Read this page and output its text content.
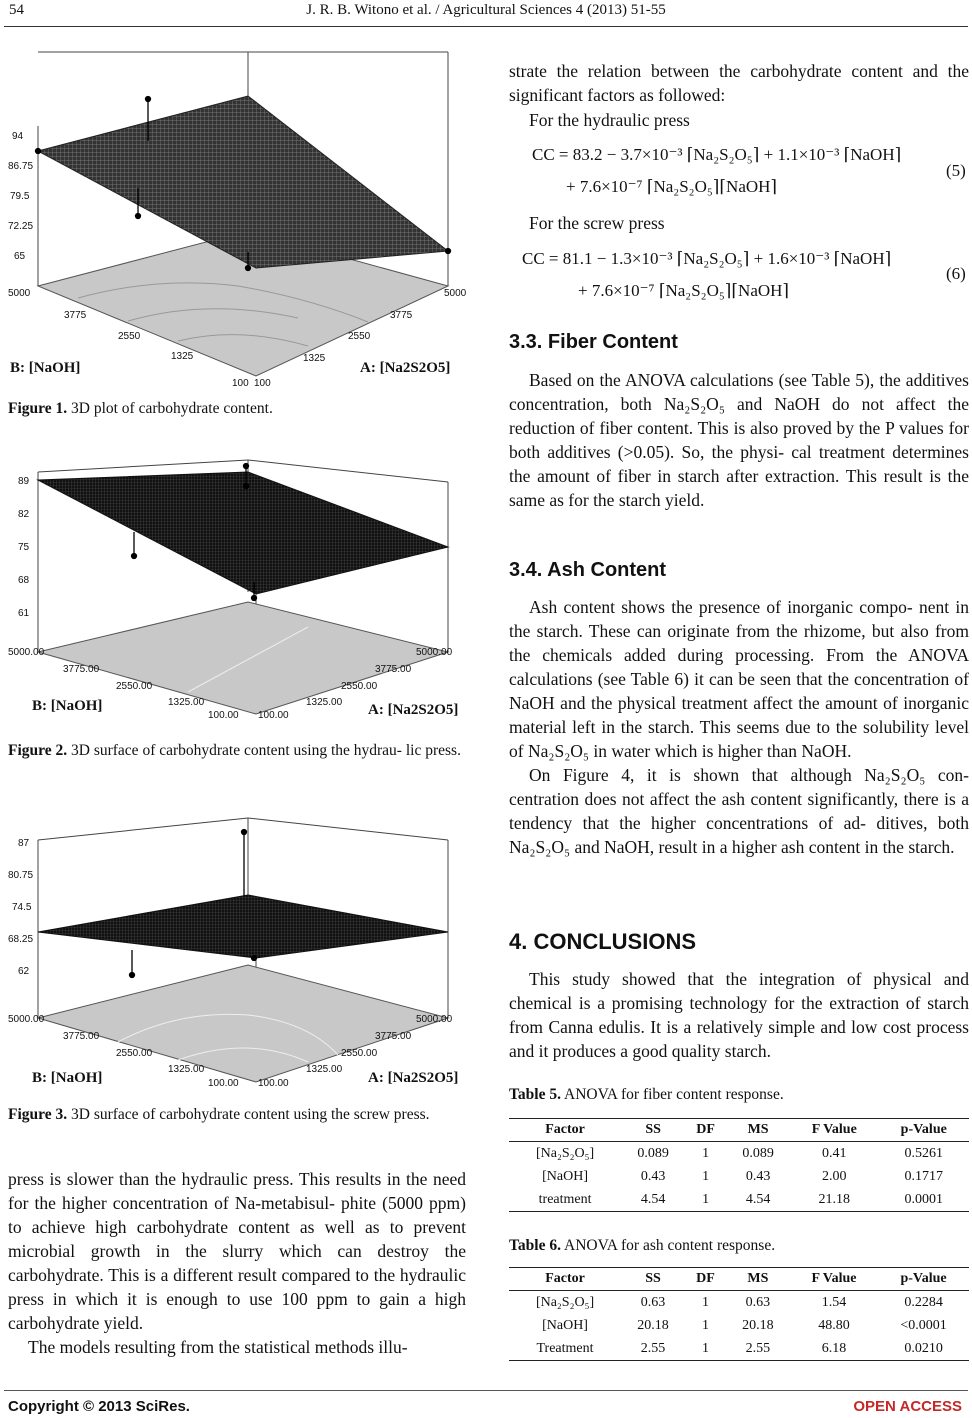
54	J. R. B. Witono et al. / Agricultural Sciences 4 (2013) 51-55
94
86.75
79.5
72.25
65
5000
3775
2550
1325
100 100
1325
2550
3775
5000
B: [NaOH]	A: [Na2S2O5]
Figure 1. 3D plot of carbohydrate content.
89
82
75
68
61
5000.00
3775.00
2550.00
1325.00
100.00 100.00
1325.00
2550.00
3775.00
5000.00
B: [NaOH]	A: [Na2S2O5]
Figure 2. 3D surface of carbohydrate content using the hydrau- lic press.
87
80.75
74.5
68.25
62
5000.00
3775.00
2550.00
1325.00
100.00 100.00
1325.00
2550.00
3775.00
5000.00
B: [NaOH]	A: [Na2S2O5]
Figure 3. 3D surface of carbohydrate content using the screw press.

press is slower than the hydraulic press. This results in the need for the higher concentration of Na-metabisul- phite (5000 ppm) to achieve high carbohydrate content as well as to prevent microbial growth in the slurry which can destroy the carbohydrate. This is a different result compared to the hydraulic press in which it is enough to use 100 ppm to gain a high carbohydrate yield.

The models resulting from the statistical methods illu-

strate the relation between the carbohydrate content and the significant factors as followed:

For the hydraulic press

CC = 83.2 − 3.7×10⁻³ ⌈Na₂S₂O₅⌉ + 1.1×10⁻³ ⌈NaOH⌉
+ 7.6×10⁻⁷ ⌈Na₂S₂O₅⌉⌈NaOH⌉
(5)

For the screw press

CC = 81.1 − 1.3×10⁻³ ⌈Na₂S₂O₅⌉ + 1.6×10⁻³ ⌈NaOH⌉
+ 7.6×10⁻⁷ ⌈Na₂S₂O₅⌉⌈NaOH⌉
(6)
3.3. Fiber Content

Based on the ANOVA calculations (see Table 5), the additives concentration, both Na₂S₂O₅ and NaOH do not affect the reduction of fiber content. This is also proved by the P values for both additives (>0.05). So, the physi- cal treatment determines the amount of fiber in starch after extraction. This result is the same as for the starch yield.

3.4. Ash Content

Ash content shows the presence of inorganic compo- nent in the starch. These can originate from the rhizome, but also from the chemicals added during processing. From the ANOVA calculations (see Table 6) it can be seen that the concentration of NaOH and the physical treatment affect the amount of inorganic material left in the starch. This seems due to the solubility level of Na₂S₂O₅ in water which is higher than NaOH.

On Figure 4, it is shown that although Na₂S₂O₅ con- centration does not affect the ash content significantly, there is a tendency that the higher concentrations of ad- ditives, both Na₂S₂O₅ and NaOH, result in a higher ash content in the starch.

4. CONCLUSIONS

This study showed that the integration of physical and chemical is a promising technology for the extraction of starch from Canna edulis. It is a relatively simple and low cost process and it produces a good quality starch.

Table 5. ANOVA for fiber content response.
Factor	SS	DF	MS	F Value	p-Value
[Na₂S₂O₅]	0.089	1	0.089	0.41	0.5261
[NaOH]	0.43	1	0.43	2.00	0.1717
treatment	4.54	1	4.54	21.18	0.0001
Table 6. ANOVA for ash content response.
Factor	SS	DF	MS	F Value	p-Value
[Na₂S₂O₅]	0.63	1	0.63	1.54	0.2284
[NaOH]	20.18	1	20.18	48.80	<0.0001
Treatment	2.55	1	2.55	6.18	0.0210
Copyright © 2013 SciRes.	OPEN ACCESS
